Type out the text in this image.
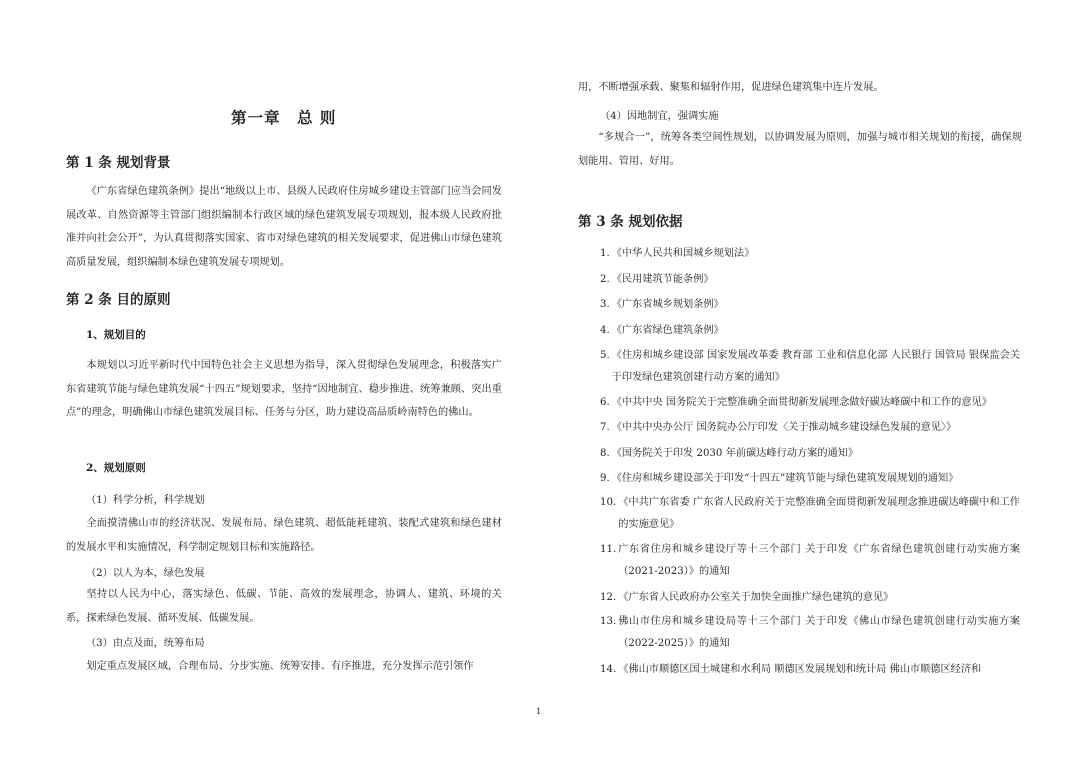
第一章　总 则
第 1 条 规划背景
《广东省绿色建筑条例》提出“地级以上市、县级人民政府住房城乡建设主管部门应当会同发展改革、自然资源等主管部门组织编制本行政区域的绿色建筑发展专项规划，报本级人民政府批准并向社会公开”，为认真贯彻落实国家、省市对绿色建筑的相关发展要求，促进佛山市绿色建筑高质量发展，组织编制本绿色建筑发展专项规划。
第 2 条 目的原则
1、规划目的
本规划以习近平新时代中国特色社会主义思想为指导，深入贯彻绿色发展理念，积极落实广东省建筑节能与绿色建筑发展“十四五”规划要求，坚持“因地制宜、稳步推进、统筹兼顾、突出重点”的理念，明确佛山市绿色建筑发展目标、任务与分区，助力建设高品质岭南特色的佛山。
2、规划原则
（1）科学分析，科学规划
全面摸清佛山市的经济状况、发展布局、绿色建筑、超低能耗建筑、装配式建筑和绿色建材的发展水平和实施情况，科学制定规划目标和实施路径。
（2）以人为本，绿色发展
坚持以人民为中心，落实绿色、低碳、节能、高效的发展理念，协调人、建筑、环境的关系，探索绿色发展、循环发展、低碳发展。
（3）由点及面，统筹布局
划定重点发展区域，合理布局、分步实施、统筹安排、有序推进，充分发挥示范引领作
用，不断增强承载、聚集和辐射作用，促进绿色建筑集中连片发展。
（4）因地制宜，强调实施
“多规合一”，统筹各类空间性规划，以协调发展为原则，加强与城市相关规划的衔接，确保规划能用、管用、好用。
第 3 条 规划依据
1. 《中华人民共和国城乡规划法》
2. 《民用建筑节能条例》
3. 《广东省城乡规划条例》
4. 《广东省绿色建筑条例》
5. 《住房和城乡建设部 国家发展改革委 教育部 工业和信息化部 人民银行 国管局 银保监会关于印发绿色建筑创建行动方案的通知》
6. 《中共中央 国务院关于完整准确全面贯彻新发展理念做好碳达峰碳中和工作的意见》
7. 《中共中央办公厅 国务院办公厅印发〈关于推动城乡建设绿色发展的意见〉》
8. 《国务院关于印发 2030 年前碳达峰行动方案的通知》
9. 《住房和城乡建设部关于印发“十四五”建筑节能与绿色建筑发展规划的通知》
10. 《中共广东省委 广东省人民政府关于完整准确全面贯彻新发展理念推进碳达峰碳中和工作的实施意见》
11. 广东省住房和城乡建设厅等十三个部门 关于印发《广东省绿色建筑创建行动实施方案（2021-2023）》的通知
12. 《广东省人民政府办公室关于加快全面推广绿色建筑的意见》
13. 佛山市住房和城乡建设局等十三个部门 关于印发《佛山市绿色建筑创建行动实施方案（2022-2025）》的通知
14. 《佛山市顺德区国土城建和水利局 顺德区发展规划和统计局 佛山市顺德区经济和
1
